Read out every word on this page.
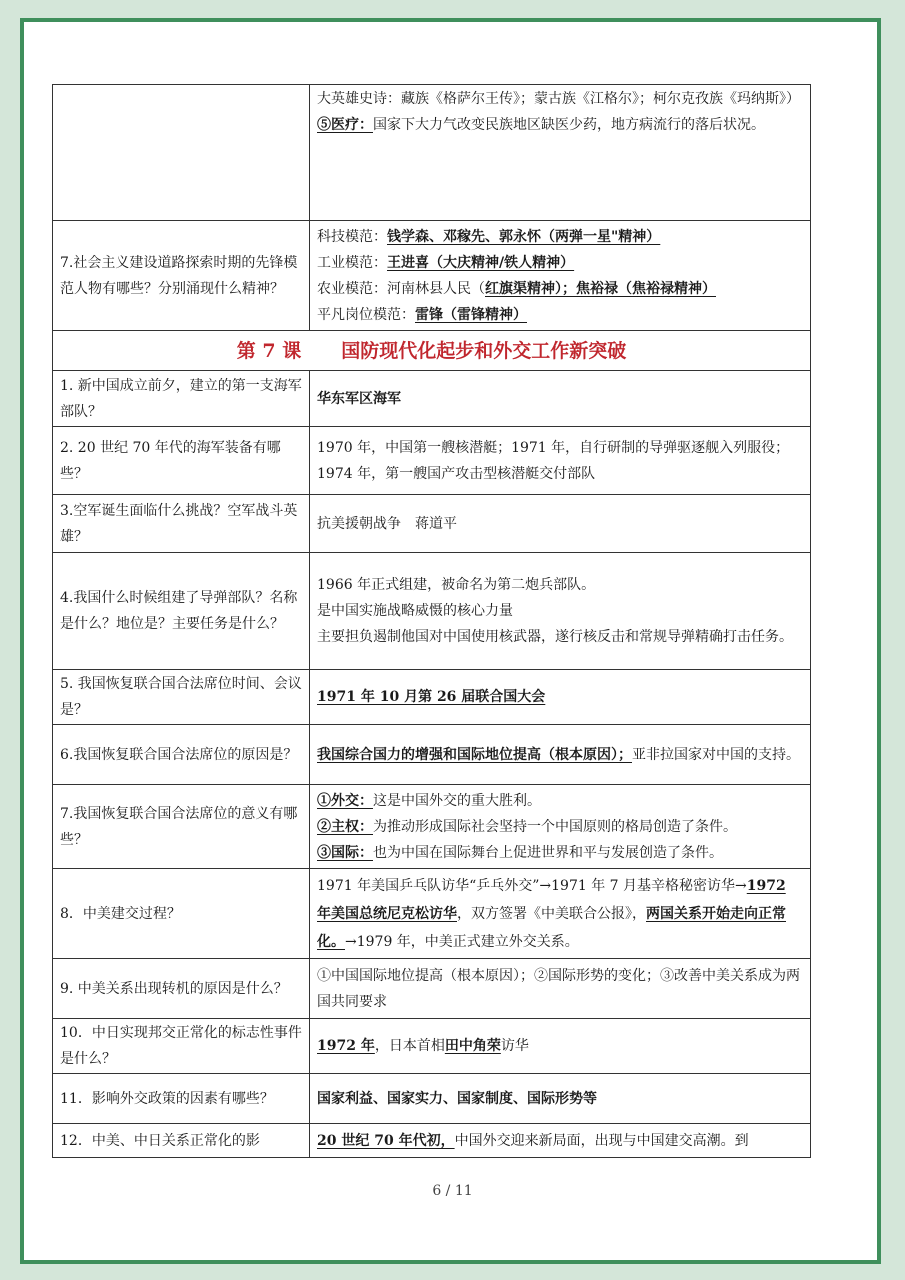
	大英雄史诗：藏族《格萨尔王传》；蒙古族《江格尔》；柯尔克孜族《玛纳斯》）
⑤医疗：国家下大力气改变民族地区缺医少药，地方病流行的落后状况。

7.社会主义建设道路探索时期的先锋模范人物有哪些？分别涌现什么精神？	科技模范：钱学森、邓稼先、郭永怀（两弹一星"精神）
工业模范：王进喜（大庆精神/铁人精神）
农业模范：河南林县人民（红旗渠精神）；焦裕禄（焦裕禄精神）
平凡岗位模范：雷锋（雷锋精神）

第 7 课 国防现代化起步和外交工作新突破	
1. 新中国成立前夕，建立的第一支海军部队？	华东军区海军
2. 20 世纪 70 年代的海军装备有哪些？	1970 年，中国第一艘核潜艇；1971 年，自行研制的导弹驱逐舰入列服役；1974 年，第一艘国产攻击型核潜艇交付部队
3.空军诞生面临什么挑战？空军战斗英雄？	抗美援朝战争　蒋道平
4.我国什么时候组建了导弹部队？名称是什么？地位是？主要任务是什么？	1966 年正式组建，被命名为第二炮兵部队。
是中国实施战略威慑的核心力量
主要担负遏制他国对中国使用核武器，遂行核反击和常规导弹精确打击任务。

5. 我国恢复联合国合法席位时间、会议是？	1971 年 10 月第 26 届联合国大会
6.我国恢复联合国合法席位的原因是？	我国综合国力的增强和国际地位提高（根本原因）；亚非拉国家对中国的支持。
7.我国恢复联合国合法席位的意义有哪些？	①外交：这是中国外交的重大胜利。
②主权：为推动形成国际社会坚持一个中国原则的格局创造了条件。
③国际：也为中国在国际舞台上促进世界和平与发展创造了条件。

8．中美建交过程？	1971 年美国乒乓队访华“乒乓外交”→1971 年 7 月基辛格秘密访华→1972 年美国总统尼克松访华，双方签署《中美联合公报》，两国关系开始走向正常化。→1979 年，中美正式建立外交关系。
9. 中美关系出现转机的原因是什么？	①中国国际地位提高（根本原因）；②国际形势的变化；③改善中美关系成为两国共同要求
10．中日实现邦交正常化的标志性事件是什么？	1972 年，日本首相田中角荣访华
11．影响外交政策的因素有哪些？	国家利益、国家实力、国家制度、国际形势等
12．中美、中日关系正常化的影	20 世纪 70 年代初，中国外交迎来新局面，出现与中国建交高潮。到
6 / 11
